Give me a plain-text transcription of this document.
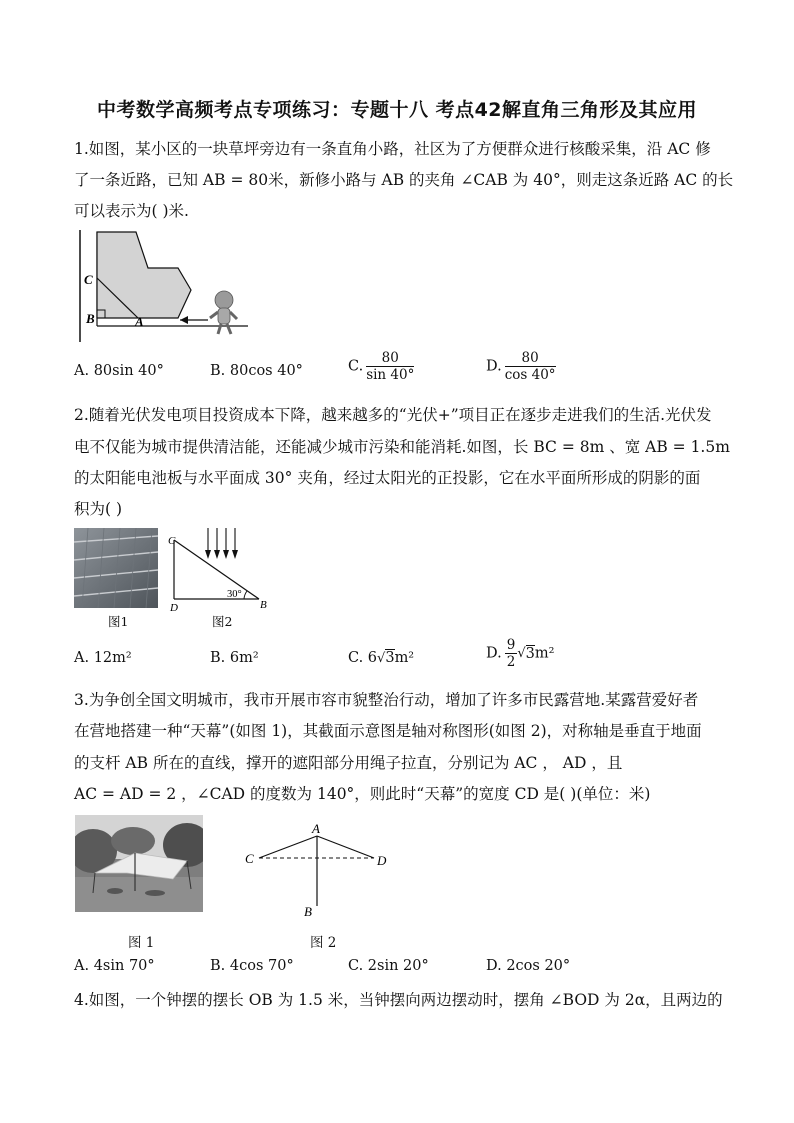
中考数学高频考点专项练习：专题十八 考点42解直角三角形及其应用
1.如图，某小区的一块草坪旁边有一条直角小路，社区为了方便群众进行核酸采集，沿 AC 修
了一条近路，已知 AB = 80米，新修小路与 AB 的夹角 ∠CAB 为 40°，则走这条近路 AC 的长
可以表示为( )米.
C
B	A
A. 80sin 40°	B. 80cos 40°	C. $\frac{80}{\sin 40^\circ}$	D. $\frac{80}{\cos 40^\circ}$
2.随着光伏发电项目投资成本下降，越来越多的“光伏+”项目正在逐步走进我们的生活.光伏发
电不仅能为城市提供清洁能，还能减少城市污染和能消耗.如图，长 BC = 8m 、宽 AB = 1.5m
的太阳能电池板与水平面成 30° 夹角，经过太阳光的正投影，它在水平面所形成的阴影的面
积为( )
图1
C
D	B
30°
图2
A. 12m²	B. 6m²	C. 6√3m²	D. $\frac{9}{2} √3m^2$
3.为争创全国文明城市，我市开展市容市貌整治行动，增加了许多市民露营地.某露营爱好者
在营地搭建一种“天幕”(如图 1)，其截面示意图是轴对称图形(如图 2)，对称轴是垂直于地面
的支杆 AB 所在的直线，撑开的遮阳部分用绳子拉直，分别记为 AC ， AD ，且
AC = AD = 2 ，∠CAD 的度数为 140°，则此时“天幕”的宽度 CD 是( )(单位：米)
图 1
A
C	D
B
图 2
A. 4sin 70°	B. 4cos 70°	C. 2sin 20°	D. 2cos 20°
4.如图，一个钟摆的摆长 OB 为 1.5 米，当钟摆向两边摆动时，摆角 ∠BOD 为 2α，且两边的
